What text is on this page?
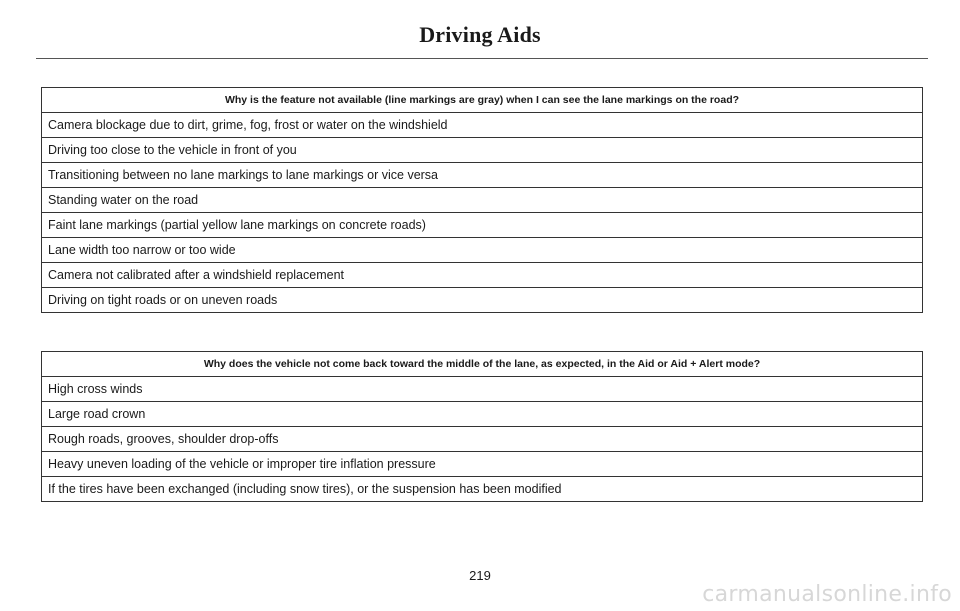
Driving Aids
Why is the feature not available (line markings are gray) when I can see the lane markings on the road?
Camera blockage due to dirt, grime, fog, frost or water on the windshield
Driving too close to the vehicle in front of you
Transitioning between no lane markings to lane markings or vice versa
Standing water on the road
Faint lane markings (partial yellow lane markings on concrete roads)
Lane width too narrow or too wide
Camera not calibrated after a windshield replacement
Driving on tight roads or on uneven roads
Why does the vehicle not come back toward the middle of the lane, as expected, in the Aid or Aid + Alert mode?
High cross winds
Large road crown
Rough roads, grooves, shoulder drop-offs
Heavy uneven loading of the vehicle or improper tire inflation pressure
If the tires have been exchanged (including snow tires), or the suspension has been modified
219
carmanualsonline.info
